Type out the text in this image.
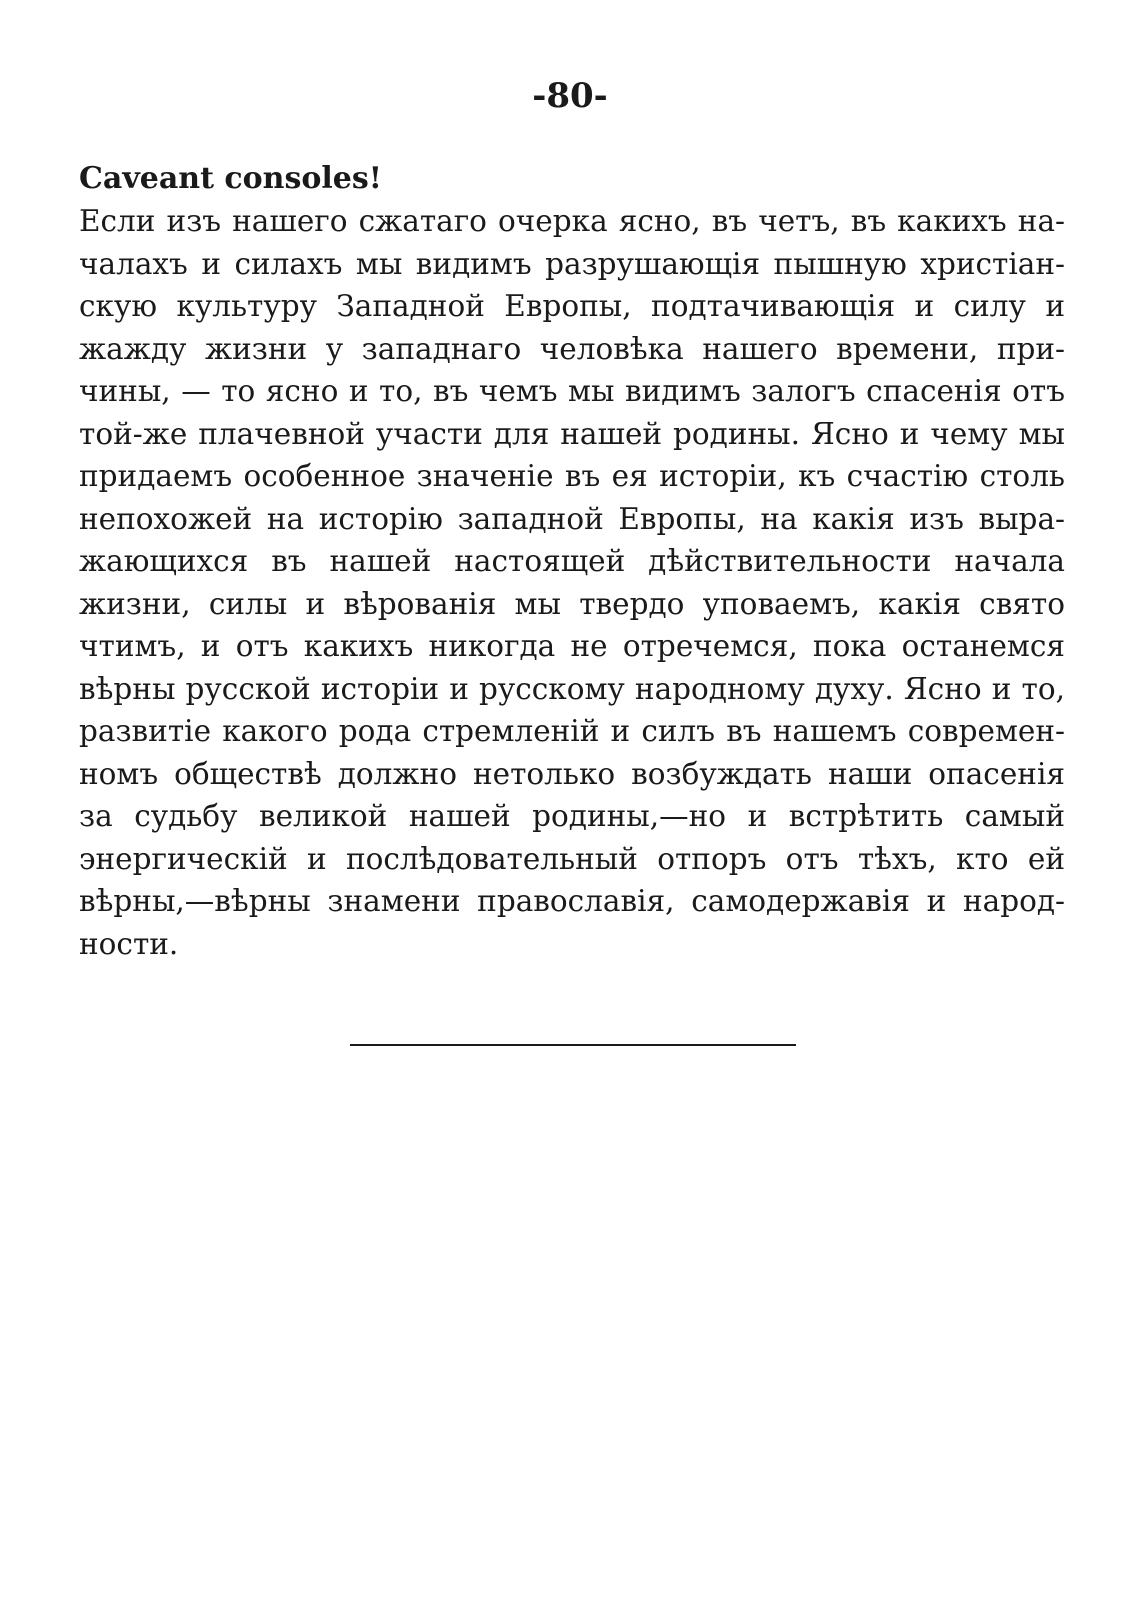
-80-
Caveant consoles!
Если изъ нашего сжатаго очерка ясно, въ четъ, въ какихъ на-
чалахъ и силахъ мы видимъ разрушающія пышную христіан-
скую культуру Западной Европы, подтачивающія и силу и
жажду жизни у западнаго человѣка нашего времени, при-
чины, — то ясно и то, въ чемъ мы видимъ залогъ спасенія отъ
той-же плачевной участи для нашей родины. Ясно и чему мы
придаемъ особенное значеніе въ ея исторіи, къ счастію столь
непохожей на исторію западной Европы, на какія изъ выра-
жающихся въ нашей настоящей дѣйствительности начала
жизни, силы и вѣрованія мы твердо уповаемъ, какія свято
чтимъ, и отъ какихъ никогда не отречемся, пока останемся
вѣрны русской исторіи и русскому народному духу. Ясно и то,
развитіе какого рода стремленій и силъ въ нашемъ современ-
номъ обществѣ должно нетолько возбуждать наши опасенія
за судьбу великой нашей родины,—но и встрѣтить самый
энергическій и послѣдовательный отпоръ отъ тѣхъ, кто ей
вѣрны,—вѣрны знамени православія, самодержавія и народ-
ности.
